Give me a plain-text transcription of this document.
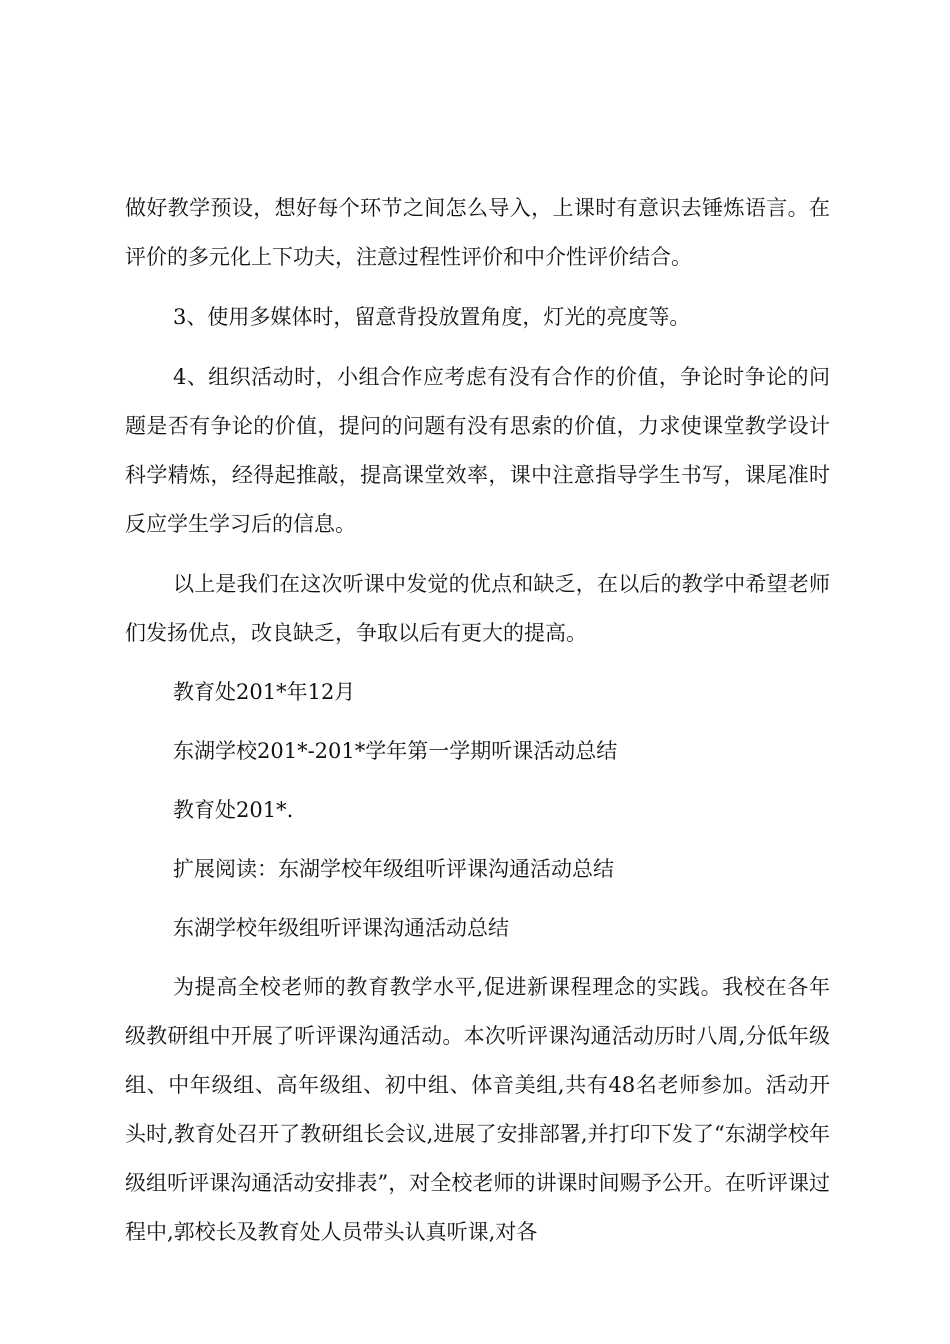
做好教学预设，想好每个环节之间怎么导入，上课时有意识去锤炼语言。在评价的多元化上下功夫，注意过程性评价和中介性评价结合。

3、使用多媒体时，留意背投放置角度，灯光的亮度等。

4、组织活动时，小组合作应考虑有没有合作的价值，争论时争论的问题是否有争论的价值，提问的问题有没有思索的价值，力求使课堂教学设计科学精炼，经得起推敲，提高课堂效率，课中注意指导学生书写，课尾准时反应学生学习后的信息。

以上是我们在这次听课中发觉的优点和缺乏，在以后的教学中希望老师们发扬优点，改良缺乏，争取以后有更大的提高。

教育处201*年12月

东湖学校201*-201*学年第一学期听课活动总结

教育处201*.

扩展阅读：东湖学校年级组听评课沟通活动总结

东湖学校年级组听评课沟通活动总结

为提高全校老师的教育教学水平,促进新课程理念的实践。我校在各年级教研组中开展了听评课沟通活动。本次听评课沟通活动历时八周,分低年级组、中年级组、高年级组、初中组、体音美组,共有48名老师参加。活动开头时,教育处召开了教研组长会议,进展了安排部署,并打印下发了“东湖学校年级组听评课沟通活动安排表”，对全校老师的讲课时间赐予公开。在听评课过程中,郭校长及教育处人员带头认真听课,对各
